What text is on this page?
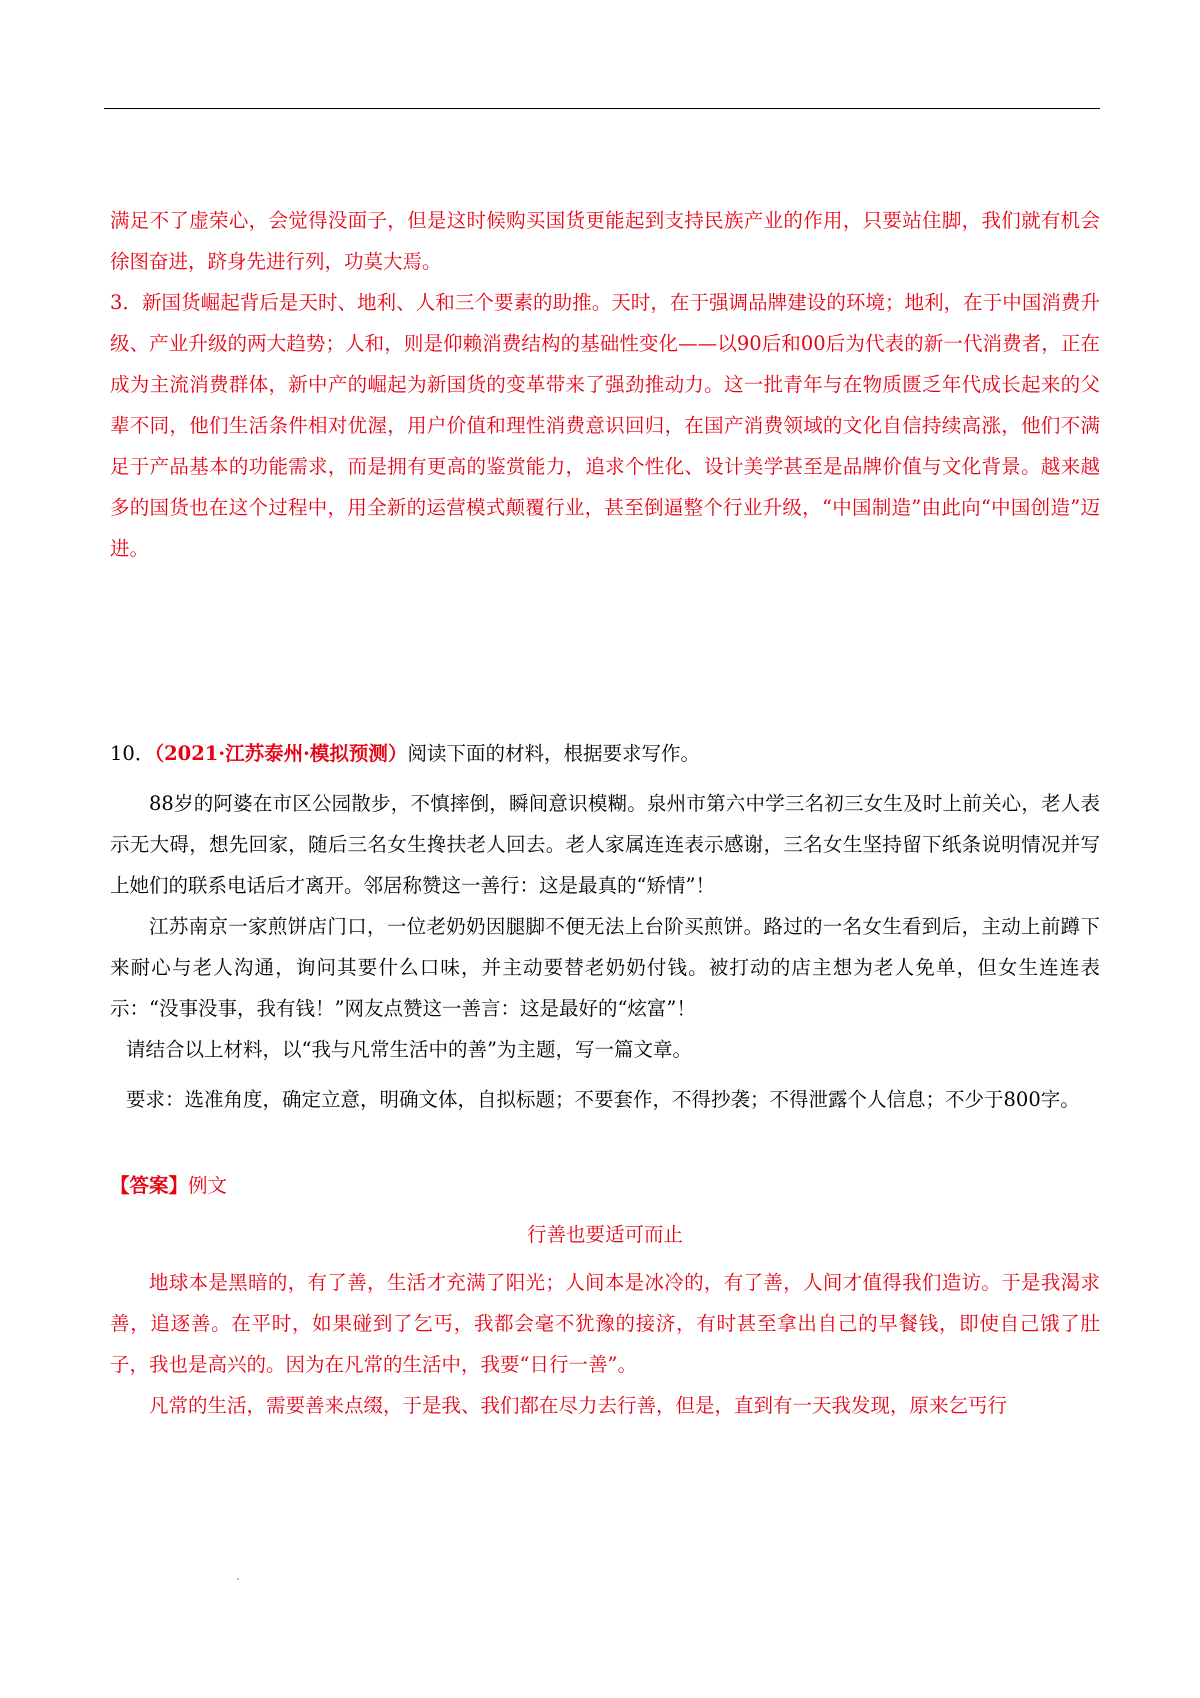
满足不了虚荣心，会觉得没面子，但是这时候购买国货更能起到支持民族产业的作用，只要站住脚，我们就有机会徐图奋进，跻身先进行列，功莫大焉。

3．新国货崛起背后是天时、地利、人和三个要素的助推。天时，在于强调品牌建设的环境；地利，在于中国消费升级、产业升级的两大趋势；人和，则是仰赖消费结构的基础性变化——以90后和00后为代表的新一代消费者，正在成为主流消费群体，新中产的崛起为新国货的变革带来了强劲推动力。这一批青年与在物质匮乏年代成长起来的父辈不同，他们生活条件相对优渥，用户价值和理性消费意识回归，在国产消费领域的文化自信持续高涨，他们不满足于产品基本的功能需求，而是拥有更高的鉴赏能力，追求个性化、设计美学甚至是品牌价值与文化背景。越来越多的国货也在这个过程中，用全新的运营模式颠覆行业，甚至倒逼整个行业升级，“中国制造”由此向“中国创造”迈进。

10．（2021·江苏泰州·模拟预测）阅读下面的材料，根据要求写作。

88岁的阿婆在市区公园散步，不慎摔倒，瞬间意识模糊。泉州市第六中学三名初三女生及时上前关心，老人表示无大碍，想先回家，随后三名女生搀扶老人回去。老人家属连连表示感谢，三名女生坚持留下纸条说明情况并写上她们的联系电话后才离开。邻居称赞这一善行：这是最真的“矫情”！

江苏南京一家煎饼店门口，一位老奶奶因腿脚不便无法上台阶买煎饼。路过的一名女生看到后，主动上前蹲下来耐心与老人沟通，询问其要什么口味，并主动要替老奶奶付钱。被打动的店主想为老人免单，但女生连连表示：“没事没事，我有钱！”网友点赞这一善言：这是最好的“炫富”！

请结合以上材料，以“我与凡常生活中的善”为主题，写一篇文章。

要求：选准角度，确定立意，明确文体，自拟标题；不要套作，不得抄袭；不得泄露个人信息；不少于800字。

【答案】例文

行善也要适可而止

地球本是黑暗的，有了善，生活才充满了阳光；人间本是冰冷的，有了善，人间才值得我们造访。于是我渴求善，追逐善。在平时，如果碰到了乞丐，我都会毫不犹豫的接济，有时甚至拿出自己的早餐钱，即使自己饿了肚子，我也是高兴的。因为在凡常的生活中，我要“日行一善”。

凡常的生活，需要善来点缀，于是我、我们都在尽力去行善，但是，直到有一天我发现，原来乞丐行
